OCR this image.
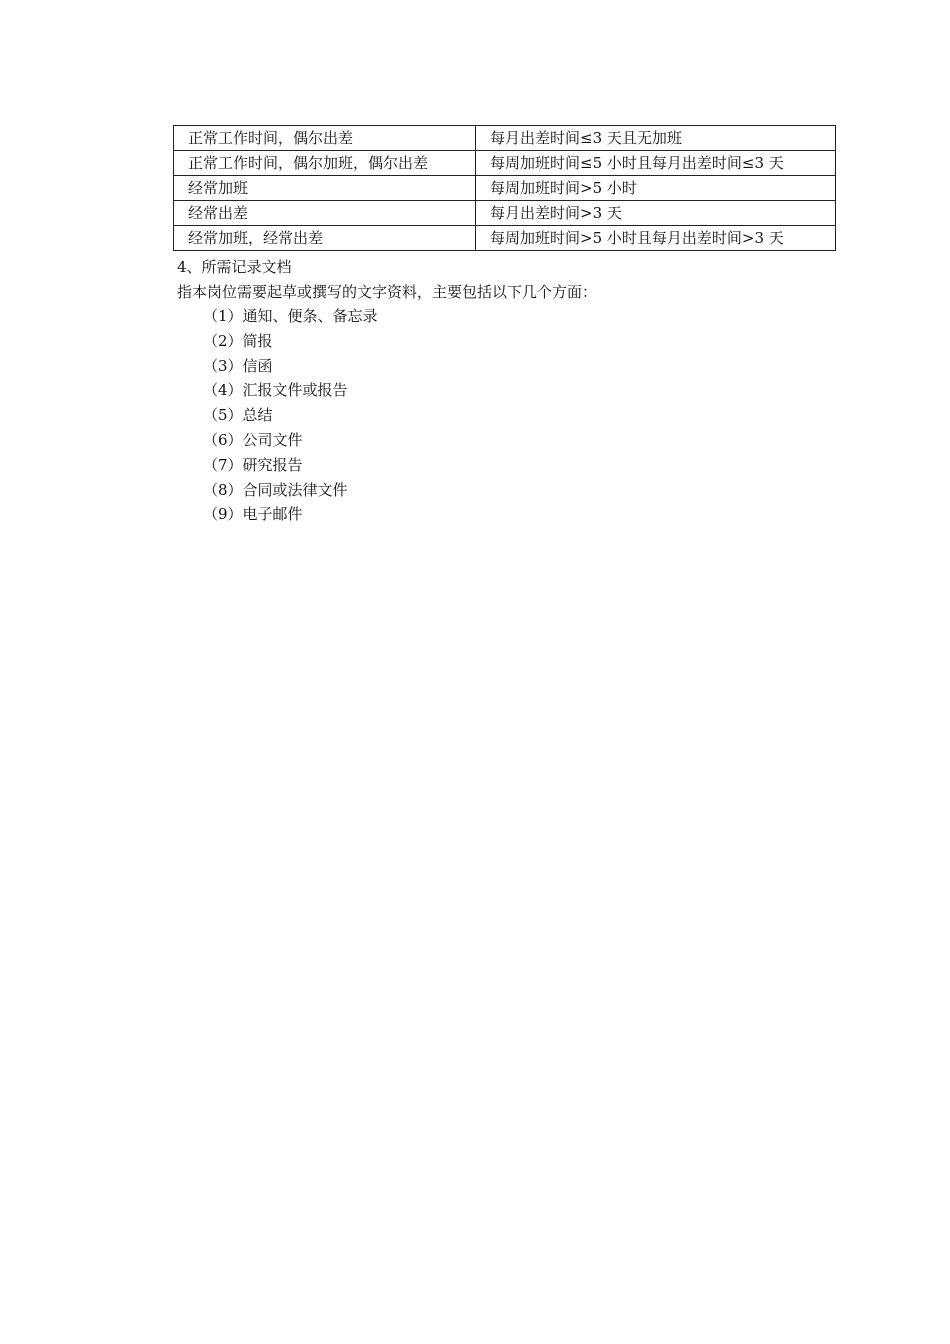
正常工作时间，偶尔出差	每月出差时间≤3 天且无加班
正常工作时间，偶尔加班，偶尔出差	每周加班时间≤5 小时且每月出差时间≤3 天
经常加班	每周加班时间>5 小时
经常出差	每月出差时间>3 天
经常加班，经常出差	每周加班时间>5 小时且每月出差时间>3 天
4、所需记录文档
指本岗位需要起草或撰写的文字资料，主要包括以下几个方面：
（1）通知、便条、备忘录
（2）简报
（3）信函
（4）汇报文件或报告
（5）总结
（6）公司文件
（7）研究报告
（8）合同或法律文件
（9）电子邮件
